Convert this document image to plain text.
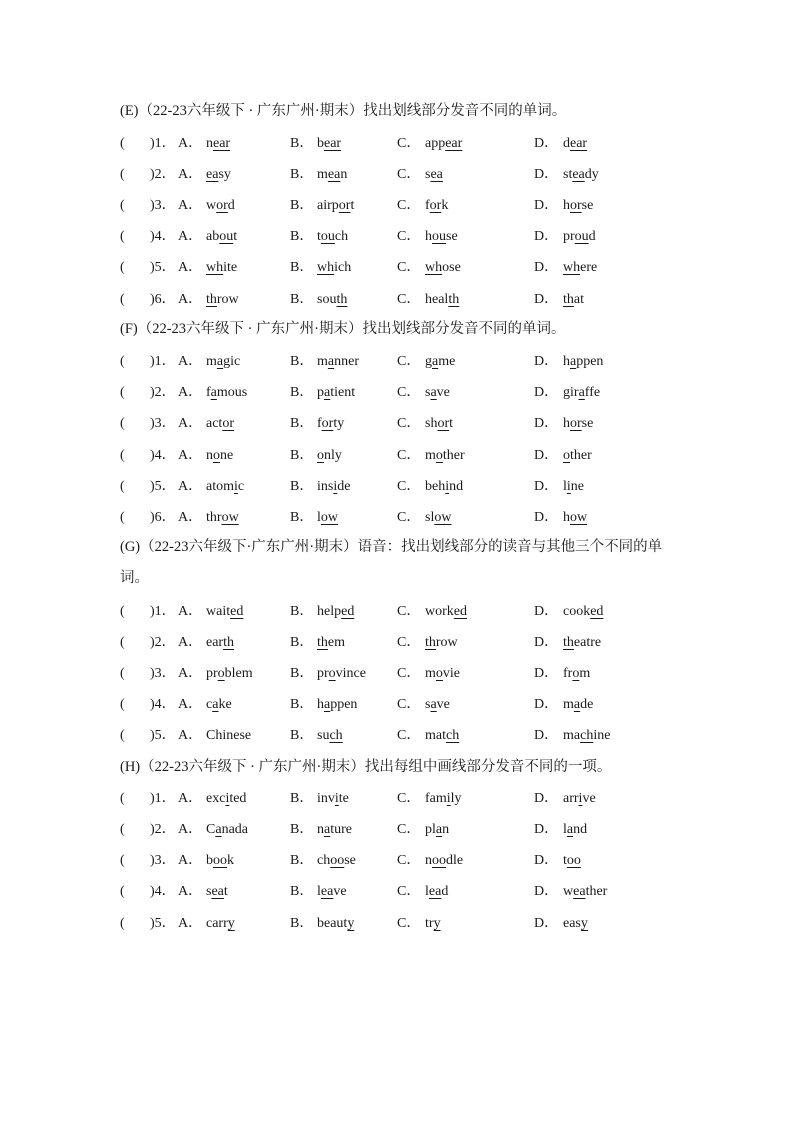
(E)（22-23六年级下 · 广东广州·期末）找出划线部分发音不同的单词。
( )1． A． near	B． bear	C． appear	D． dear
( )2． A． easy	B． mean	C． sea	D． steady
( )3． A． word	B． airport	C． fork	D． horse
( )4． A． about	B． touch	C． house	D． proud
( )5． A． white	B． which	C． whose	D． where
( )6． A． throw	B． south	C． health	D． that
(F)（22-23六年级下 · 广东广州·期末）找出划线部分发音不同的单词。
( )1． A． magic	B． manner	C． game	D． happen
( )2． A． famous	B． patient	C． save	D． giraffe
( )3． A． actor	B． forty	C． short	D． horse
( )4． A． none	B． only	C． mother	D． other
( )5． A． atomic	B． inside	C． behind	D． line
( )6． A． throw	B． low	C． slow	D． how
(G)（22-23六年级下·广东广州·期末）语音：找出划线部分的读音与其他三个不同的单词。
( )1． A． waited	B． helped	C． worked	D． cooked
( )2． A． earth	B． them	C． throw	D． theatre
( )3． A． problem	B． province C． movie	D． from
( )4． A． cake	B． happen	C． save	D． made
( )5． A． Chinese	B． such	C． match	D． machine
(H)（22-23六年级下 · 广东广州·期末）找出每组中画线部分发音不同的一项。
( )1． A． excited	B． invite	C． family	D． arrive
( )2． A． Canada	B． nature	C． plan	D． land
( )3． A． book	B． choose	C． noodle	D． too
( )4． A． seat	B． leave	C． lead	D． weather
( )5． A． carry	B． beauty	C． try	D． easy
